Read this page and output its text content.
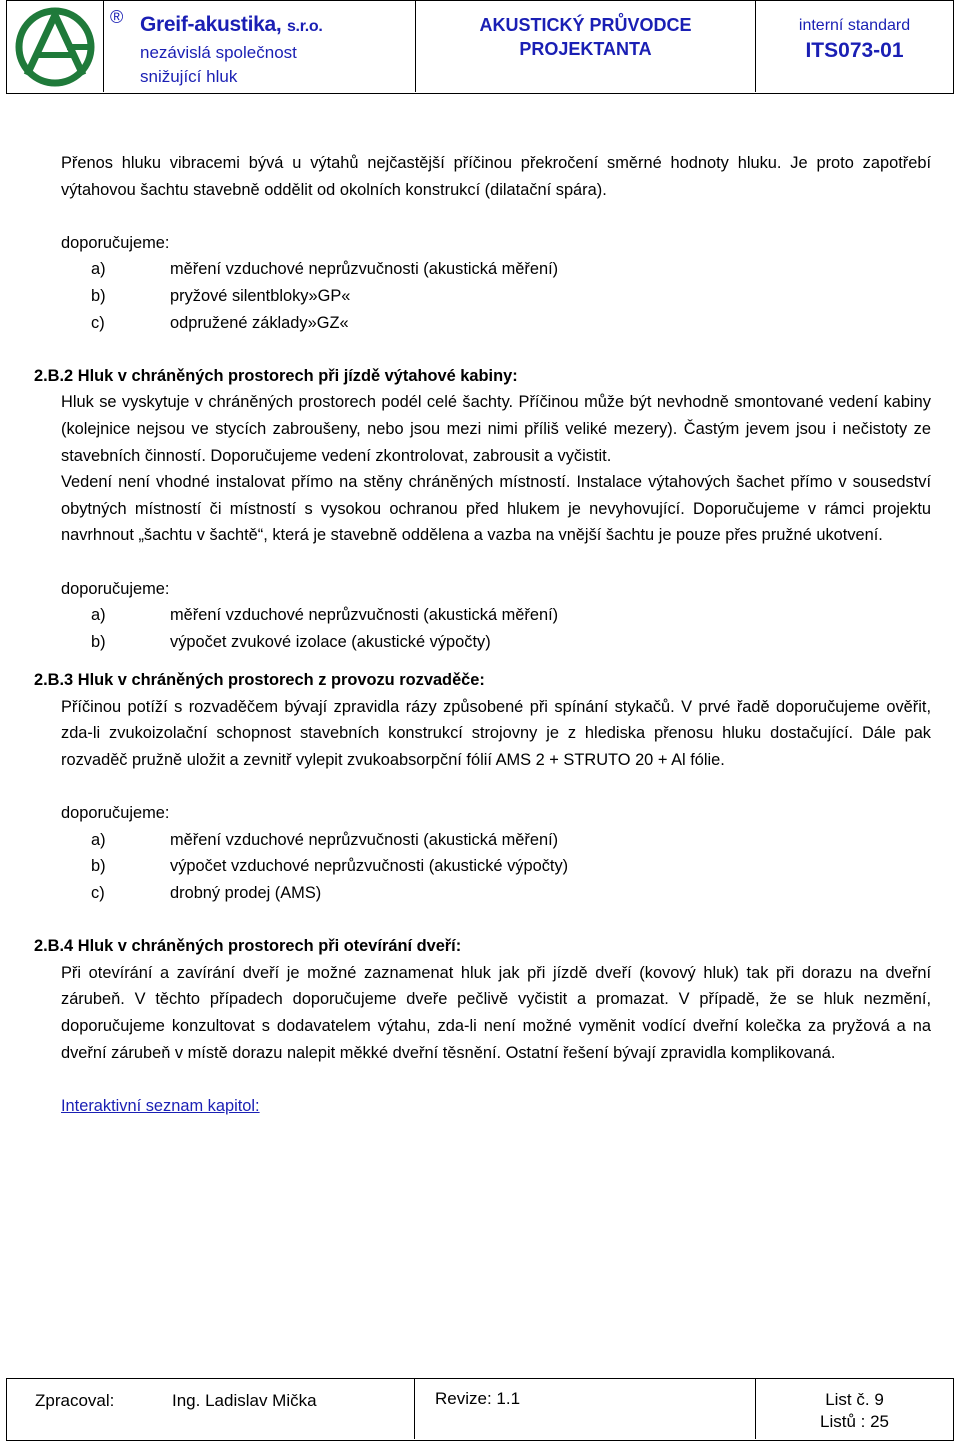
® Greif-akustika, s.r.o.
nezávislá společnost
snižující hluk
AKUSTICKÝ PRŮVODCE
PROJEKTANTA
interní standard
ITS073-01

Přenos hluku vibracemi bývá u výtahů nejčastější příčinou překročení směrné hodnoty hluku. Je proto zapotřebí výtahovou šachtu stavebně oddělit od okolních konstrukcí (dilatační spára).

doporučujeme:
a)	měření vzduchové neprůzvučnosti (akustická měření)
b)	pryžové silentbloky»GP«
c)	odpružené základy»GZ«
2.B.2 Hluk v chráněných prostorech při jízdě výtahové kabiny:

Hluk se vyskytuje v chráněných prostorech podél celé šachty. Příčinou může být nevhodně smontované vedení kabiny (kolejnice nejsou ve stycích zabroušeny, nebo jsou mezi nimi příliš veliké mezery). Častým jevem jsou i nečistoty ze stavebních činností. Doporučujeme vedení zkontrolovat, zabrousit a vyčistit.

Vedení není vhodné instalovat přímo na stěny chráněných místností. Instalace výtahových šachet přímo v sousedství obytných místností či místností s vysokou ochranou před hlukem je nevyhovující. Doporučujeme v rámci projektu navrhnout „šachtu v šachtě“, která je stavebně oddělena a vazba na vnější šachtu je pouze přes pružné ukotvení.

doporučujeme:
a)	měření vzduchové neprůzvučnosti (akustická měření)
b)	výpočet zvukové izolace (akustické výpočty)
2.B.3 Hluk v chráněných prostorech z provozu rozvaděče:

Příčinou potíží s rozvaděčem bývají zpravidla rázy způsobené při spínání stykačů. V prvé řadě doporučujeme ověřit, zda-li zvukoizolační schopnost stavebních konstrukcí strojovny je z hlediska přenosu hluku dostačující. Dále pak rozvaděč pružně uložit a zevnitř vylepit zvukoabsorpční fólií AMS 2 + STRUTO 20 + Al fólie.

doporučujeme:
a)	měření vzduchové neprůzvučnosti (akustická měření)
b)	výpočet vzduchové neprůzvučnosti (akustické výpočty)
c)	drobný prodej (AMS)
2.B.4 Hluk v chráněných prostorech při otevírání dveří:

Při otevírání a zavírání dveří je možné zaznamenat hluk jak při jízdě dveří (kovový hluk) tak při dorazu na dveřní zárubeň. V těchto případech doporučujeme dveře pečlivě vyčistit a promazat. V případě, že se hluk nezmění, doporučujeme konzultovat s dodavatelem výtahu, zda-li není možné vyměnit vodící dveřní kolečka za pryžová a na dveřní zárubeň v místě dorazu nalepit měkké dveřní těsnění. Ostatní řešení bývají zpravidla komplikovaná.

Interaktivní seznam kapitol:
Zpracoval:	Ing. Ladislav Mička	Revize: 1.1	List č. 9
Listů : 25
